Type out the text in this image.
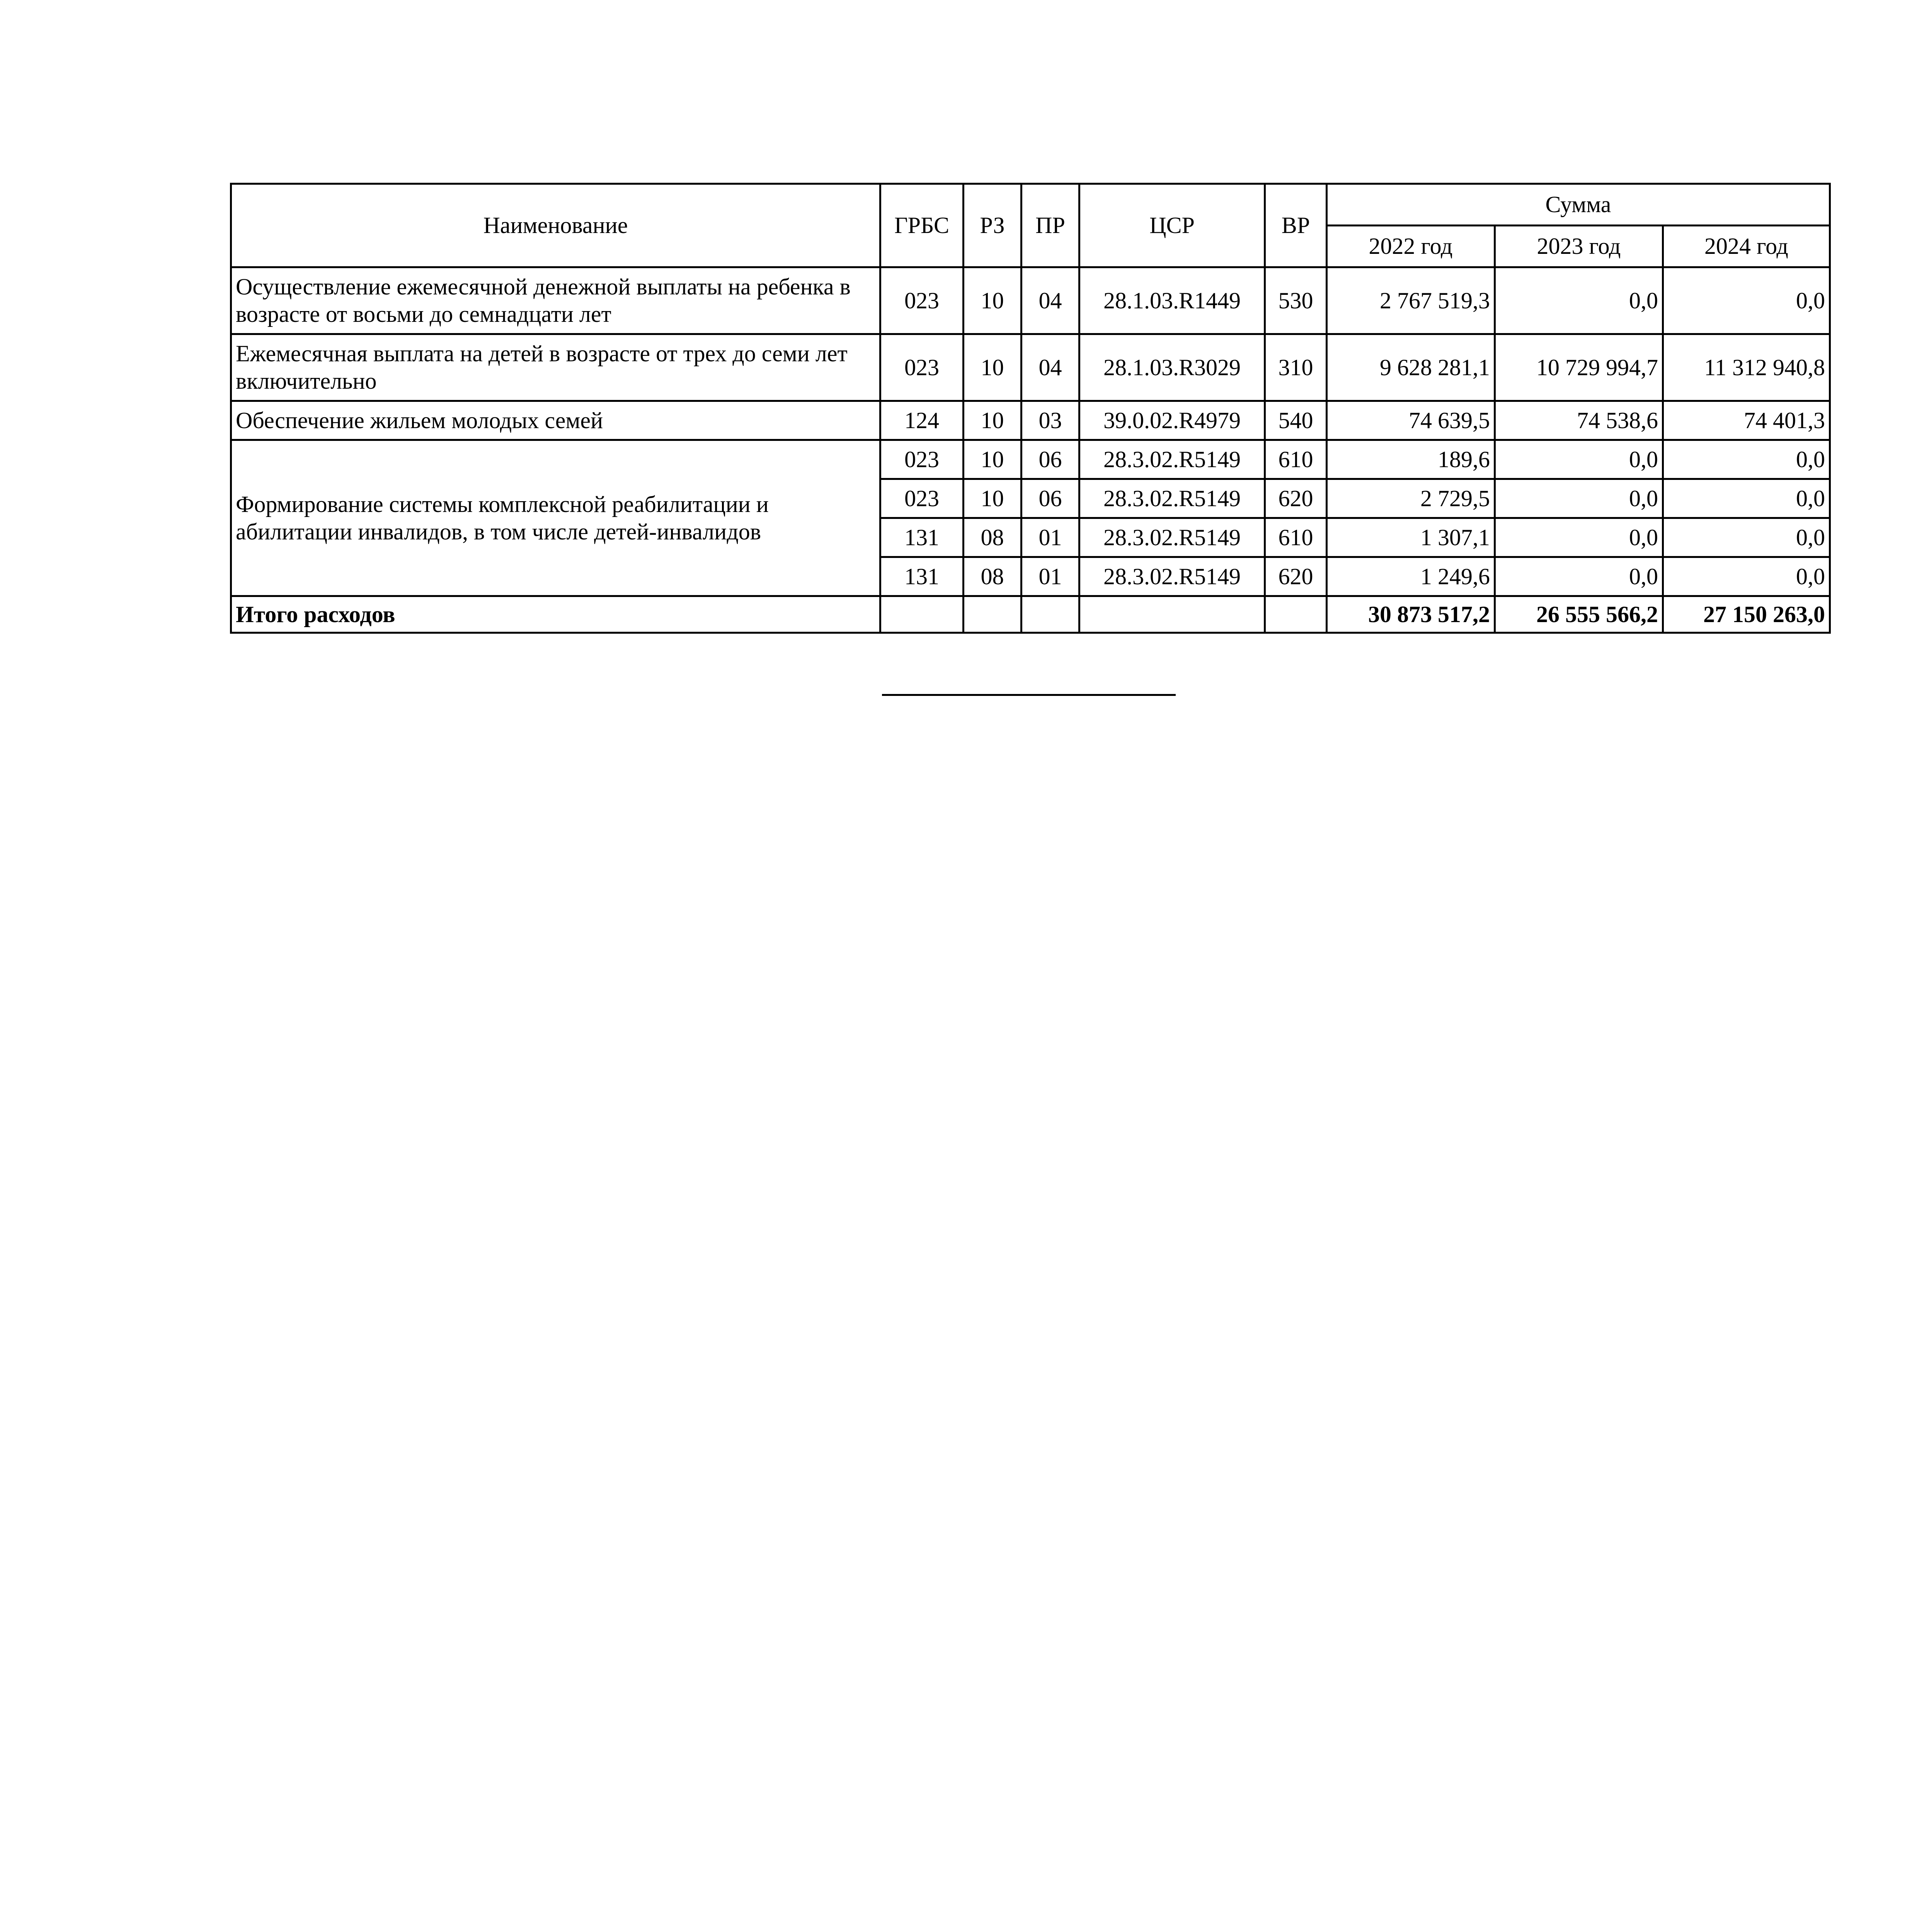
Наименование	ГРБС	РЗ	ПР	ЦСР	ВР	Сумма		
						2022 год	2023 год	2024 год
Осуществление ежемесячной денежной выплаты на ребенка в возрасте от восьми до семнадцати лет	023	10	04	28.1.03.R1449	530	2 767 519,3	0,0	0,0
Ежемесячная выплата на детей в возрасте от трех до семи лет включительно	023	10	04	28.1.03.R3029	310	9 628 281,1	10 729 994,7	11 312 940,8
Обеспечение жильем молодых семей	124	10	03	39.0.02.R4979	540	74 639,5	74 538,6	74 401,3
Формирование системы комплексной реабилитации и абилитации инвалидов, в том числе детей-инвалидов	023	10	06	28.3.02.R5149	610	189,6	0,0	0,0
	023	10	06	28.3.02.R5149	620	2 729,5	0,0	0,0
	131	08	01	28.3.02.R5149	610	1 307,1	0,0	0,0
	131	08	01	28.3.02.R5149	620	1 249,6	0,0	0,0
Итого расходов						30 873 517,2	26 555 566,2	27 150 263,0
